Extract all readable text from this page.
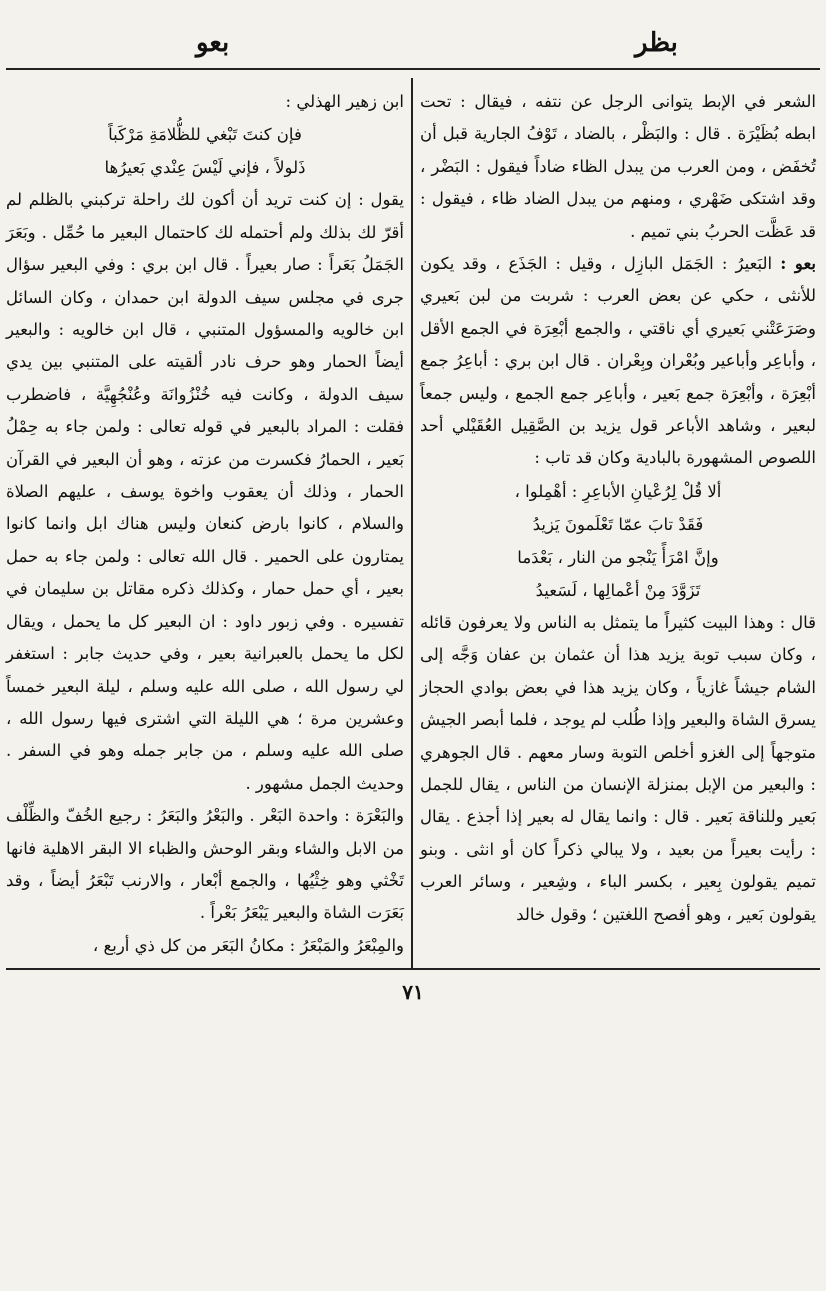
بظر
بعو

الشعر في الإبط يتوانى الرجل عن نتفه ، فيقال : تحت ابطه بُظَيْرَة . قال : والبَظْر ، بالضاد ، تَوْفُ الجارية قبل أن تُخفَض ، ومن العرب من يبدل الظاء ضاداً فيقول : البَضْر ، وقد اشتكى ضَهْري ، ومنهم من يبدل الضاد ظاء ، فيقول : قد عَظَّت الحربُ بني تميم .

بعو : البَعيرُ : الجَمَل البازِل ، وقيل : الجَذَع ، وقد يكون للأنثى ، حكي عن بعض العرب : شربت من لبن بَعيري وصَرَعَتْني بَعيري أي ناقتي ، والجمع أبْعِرَة في الجمع الأقل ، وأباعِر وأباعير وبُعْران وبِعْران . قال ابن بري : أباعِرُ جمع أبْعِرَة ، وأبْعِرَة جمع بَعير ، وأباعِر جمع الجمع ، وليس جمعاً لبعير ، وشاهد الأباعر قول يزيد بن الصَّقِيل العُقَيْلي أحد اللصوص المشهورة بالبادية وكان قد تاب :

ألا قُلْ لِرُعْيانِ الأباعِرِ : أهْمِلوا ،

فَقَدْ تابَ عمّا تَعْلَمونَ يَزيدُ

وإنَّ امْرَأً يَنْجو من النار ، بَعْدَما

تَزَوَّدَ مِنْ أعْمالِها ، لَسَعيدُ

قال : وهذا البيت كثيراً ما يتمثل به الناس ولا يعرفون قائله ، وكان سبب توبة يزيد هذا أن عثمان بن عفان وَجَّه إلى الشام جيشاً غازياً ، وكان يزيد هذا في بعض بوادي الحجاز يسرق الشاة والبعير وإذا طُلب لم يوجد ، فلما أبصر الجيش متوجهاً إلى الغزو أخلص التوبة وسار معهم . قال الجوهري : والبعير من الإبل بمنزلة الإنسان من الناس ، يقال للجمل بَعير وللناقة بَعير . قال : وانما يقال له بعير إذا أجذع . يقال : رأيت بعيراً من بعيد ، ولا يبالي ذكراً كان أو انثى . وبنو تميم يقولون بِعير ، بكسر الباء ، وشِعير ، وسائر العرب يقولون بَعير ، وهو أفصح اللغتين ؛ وقول خالد

ابن زهير الهذلي :

فإن كنتَ تَبْغي للظُّلامَةِ مَرْكَباً

ذَلولاً ، فإني لَيْسَ عِنْدي بَعيرُها

يقول : إن كنت تريد أن أكون لك راحلة تركبني بالظلم لم أقرّ لك بذلك ولم أحتمله لك كاحتمال البعير ما حُمِّل . وبَعَرَ الجَمَلُ بَعَراً : صار بعيراً . قال ابن بري : وفي البعير سؤال جرى في مجلس سيف الدولة ابن حمدان ، وكان السائل ابن خالويه والمسؤول المتنبي ، قال ابن خالويه : والبعير أيضاً الحمار وهو حرف نادر ألقيته على المتنبي بين يدي سيف الدولة ، وكانت فيه خُنْزُوانَة وعُنْجُهِيَّة ، فاضطرب فقلت : المراد بالبعير في قوله تعالى : ولمن جاء به حِمْلُ بَعير ، الحمارُ فكسرت من عزته ، وهو أن البعير في القرآن الحمار ، وذلك أن يعقوب واخوة يوسف ، عليهم الصلاة والسلام ، كانوا بارض كنعان وليس هناك ابل وانما كانوا يمتارون على الحمير . قال الله تعالى : ولمن جاء به حمل بعير ، أي حمل حمار ، وكذلك ذكره مقاتل بن سليمان في تفسيره . وفي زبور داود : ان البعير كل ما يحمل ، ويقال لكل ما يحمل بالعبرانية بعير ، وفي حديث جابر : استغفر لي رسول الله ، صلى الله عليه وسلم ، ليلة البعير خمساً وعشرين مرة ؛ هي الليلة التي اشترى فيها رسول الله ، صلى الله عليه وسلم ، من جابر جمله وهو في السفر . وحديث الجمل مشهور .

والبَعْرَة : واحدة البَعْر . والبَعْرُ والبَعَرُ : رجيع الخُفّ والظِّلْف من الابل والشاء وبقر الوحش والظباء الا البقر الاهلية فانها تَخْثي وهو خِثْيُها ، والجمع أبْعار ، والارنب تَبْعَرُ أيضاً ، وقد بَعَرَت الشاة والبعير يَبْعَرُ بَعْراً .

والمِبْعَرُ والمَبْعَرُ : مكانُ البَعَر من كل ذي أربع ،

٧١
